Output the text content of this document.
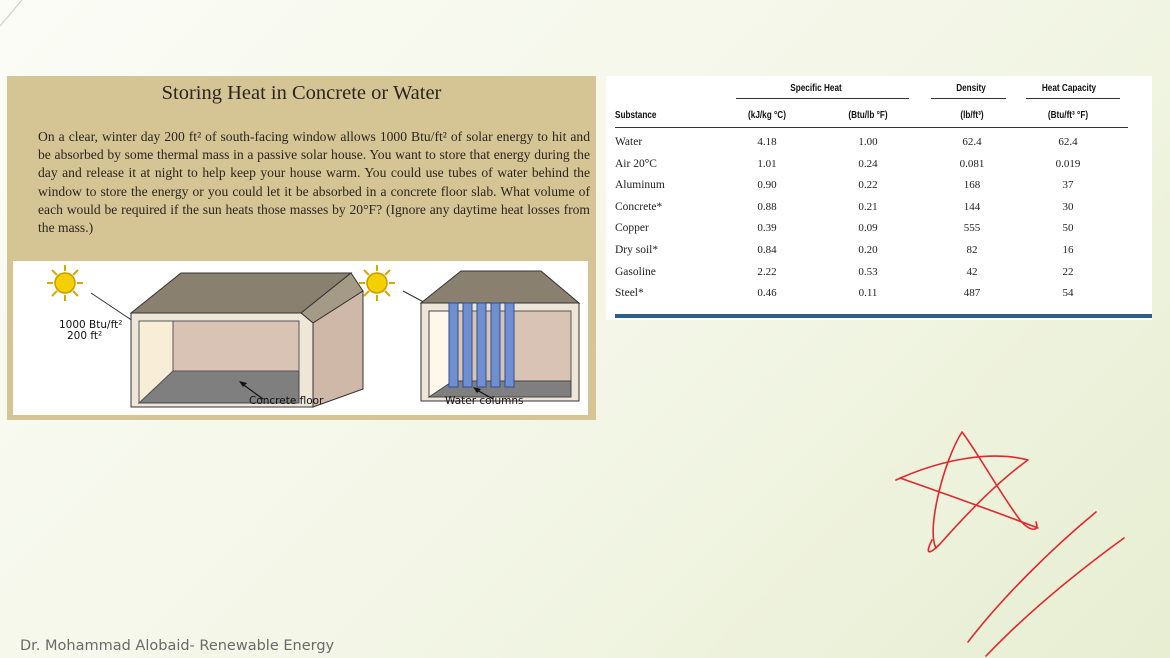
Storing Heat in Concrete or Water

On a clear, winter day 200 ft² of south-facing window allows 1000 Btu/ft² of solar energy to hit and be absorbed by some thermal mass in a passive solar house. You want to store that energy during the day and release it at night to help keep your house warm. You could use tubes of water behind the window to store the energy or you could let it be absorbed in a concrete floor slab. What volume of each would be required if the sun heats those masses by 20°F? (Ignore any daytime heat losses from the mass.)

1000 Btu/ft²
200 ft²
Concrete floor	Water columns
Specific Heat	Density	Heat Capacity
Substance	(kJ/kg °C)	(Btu/lb °F)	(lb/ft³)	(Btu/ft³ °F)
Water	4.18	1.00	62.4	62.4
Air 20°C	1.01	0.24	0.081	0.019
Aluminum	0.90	0.22	168	37
Concrete*	0.88	0.21	144	30
Copper	0.39	0.09	555	50
Dry soil*	0.84	0.20	82	16
Gasoline	2.22	0.53	42	22
Steel*	0.46	0.11	487	54
Dr. Mohammad Alobaid- Renewable Energy
